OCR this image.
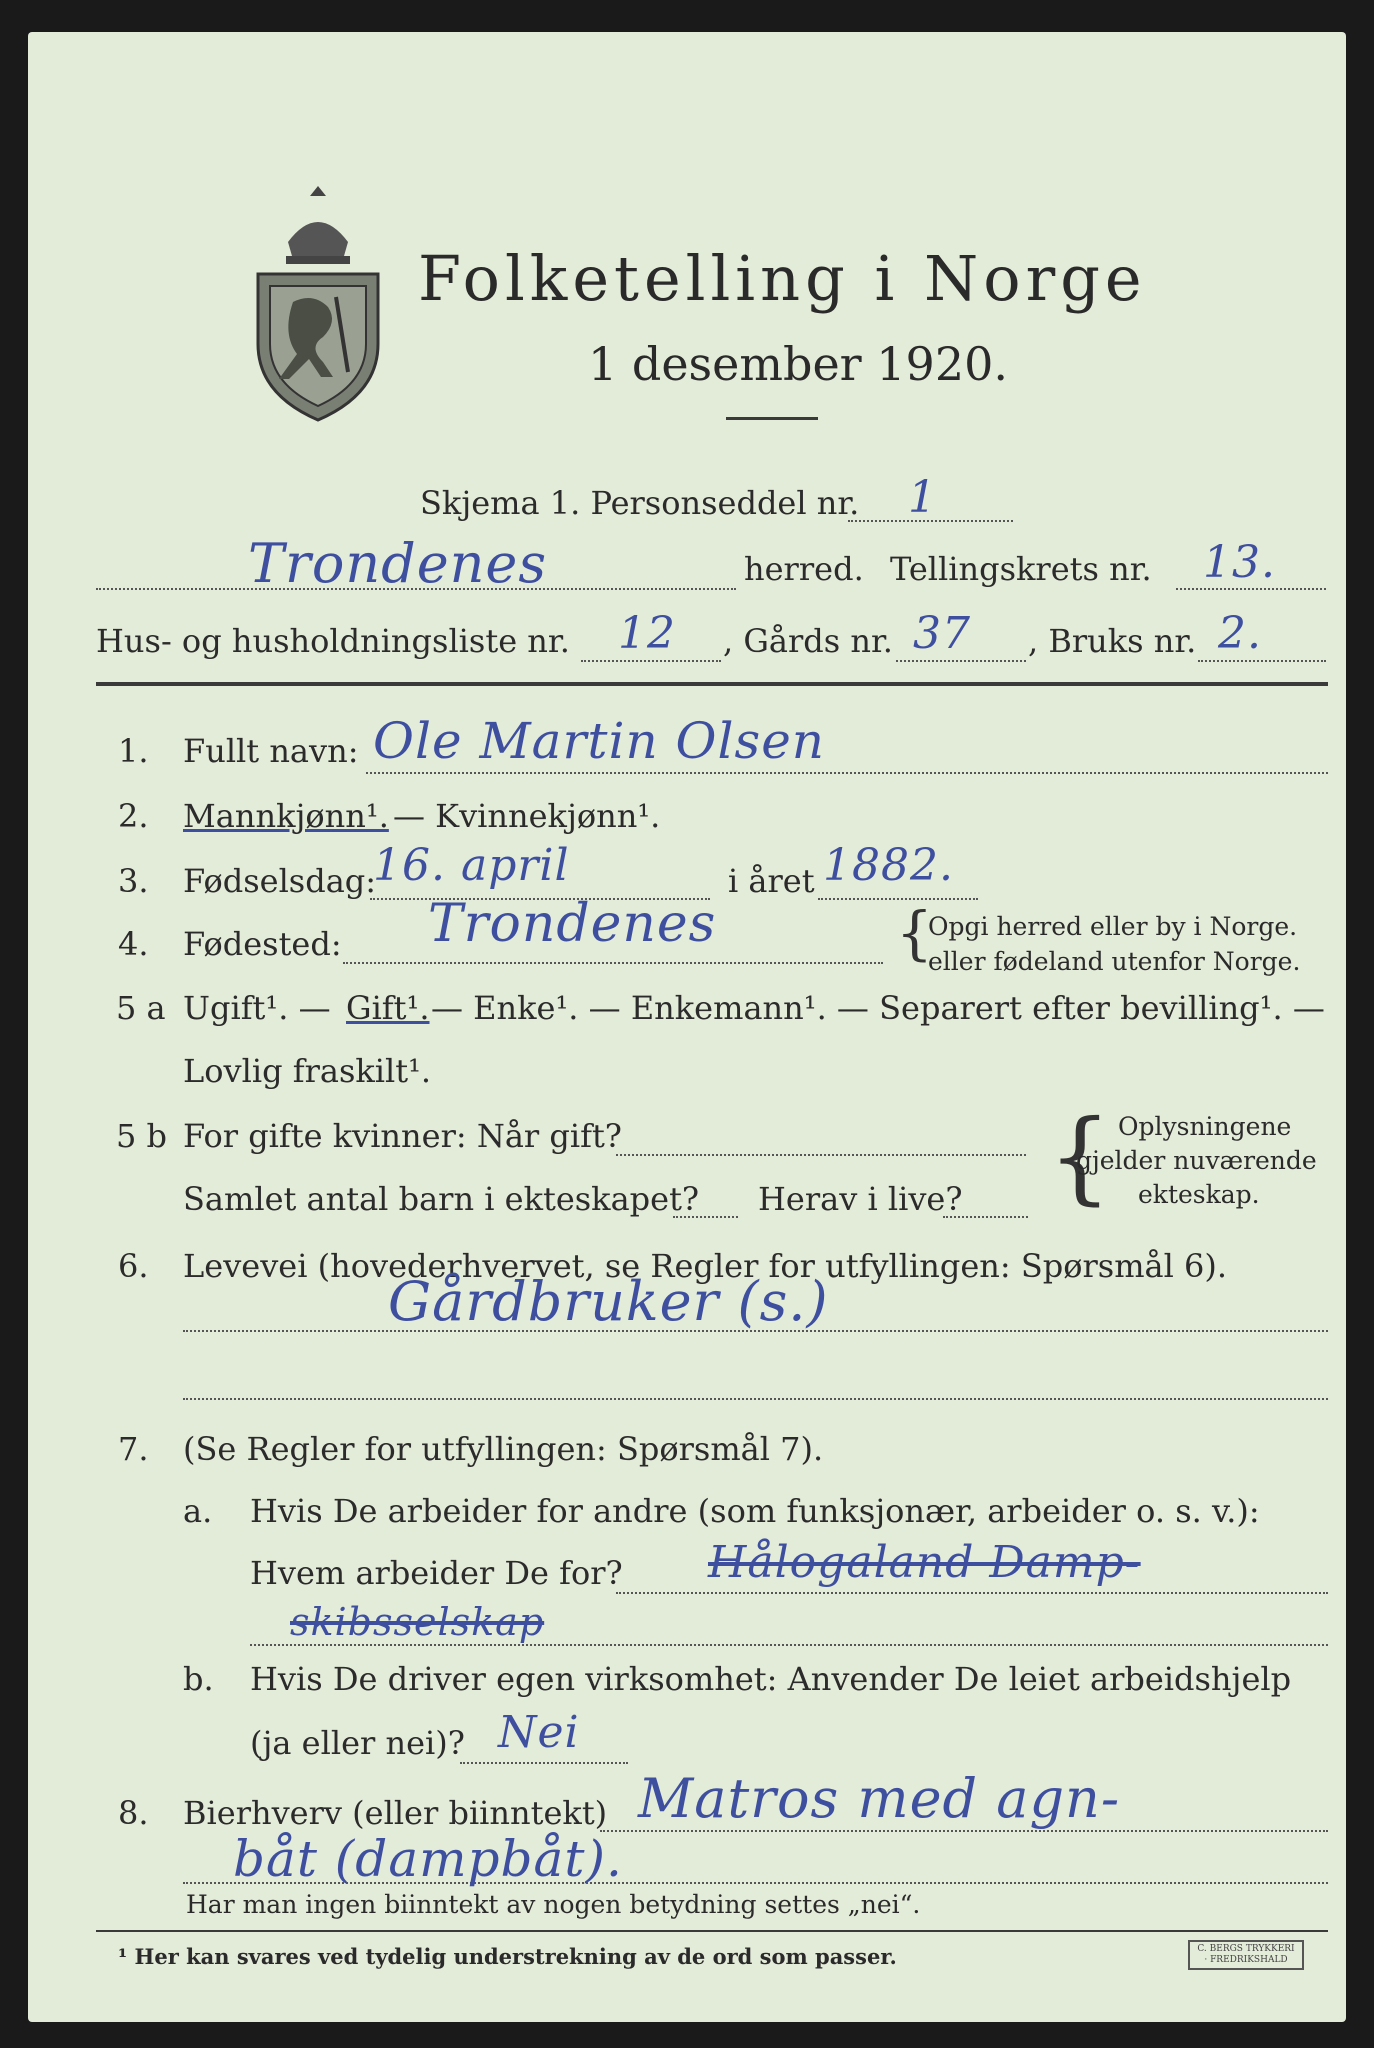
Folketelling i Norge
1 desember 1920.
Skjema 1. Personseddel nr. 1
Trondenes	herred. Tellingskrets nr. 13.
Hus- og husholdningsliste nr. 12 , Gårds nr. 37 , Bruks nr. 2.
1. Fullt navn: Ole Martin Olsen
2. Mannkjønn¹. — Kvinnekjønn¹.
3. Fødselsdag:
16. april	i året 1882.
4. Fødested: Trondenes	{
Opgi herred eller by i Norge.
eller fødeland utenfor Norge.
5 a Ugift¹. — Gift¹. — Enke¹. — Enkemann¹. — Separert efter bevilling¹. —
Lovlig fraskilt¹.
5 b For gifte kvinner: Når gift?
Samlet antal barn i ekteskapet? Herav i live? { Oplysningene
gjelder nuværende
ekteskap.
6. Levevei (hovederhvervet, se Regler for utfyllingen: Spørsmål 6).
Gårdbruker (s.)
7. (Se Regler for utfyllingen: Spørsmål 7).
a. Hvis De arbeider for andre (som funksjonær, arbeider o. s. v.):
Hvem arbeider De for? Hålogaland Damp-
skibsselskap
b. Hvis De driver egen virksomhet: Anvender De leiet arbeidshjelp
(ja eller nei)? Nei
8. Bierhverv (eller biinntekt) Matros med agn-
båt (dampbåt).
Har man ingen biinntekt av nogen betydning settes „nei“.
¹ Her kan svares ved tydelig understrekning av de ord som passer.	C. BERGS TRYKKERI · FREDRIKSHALD
